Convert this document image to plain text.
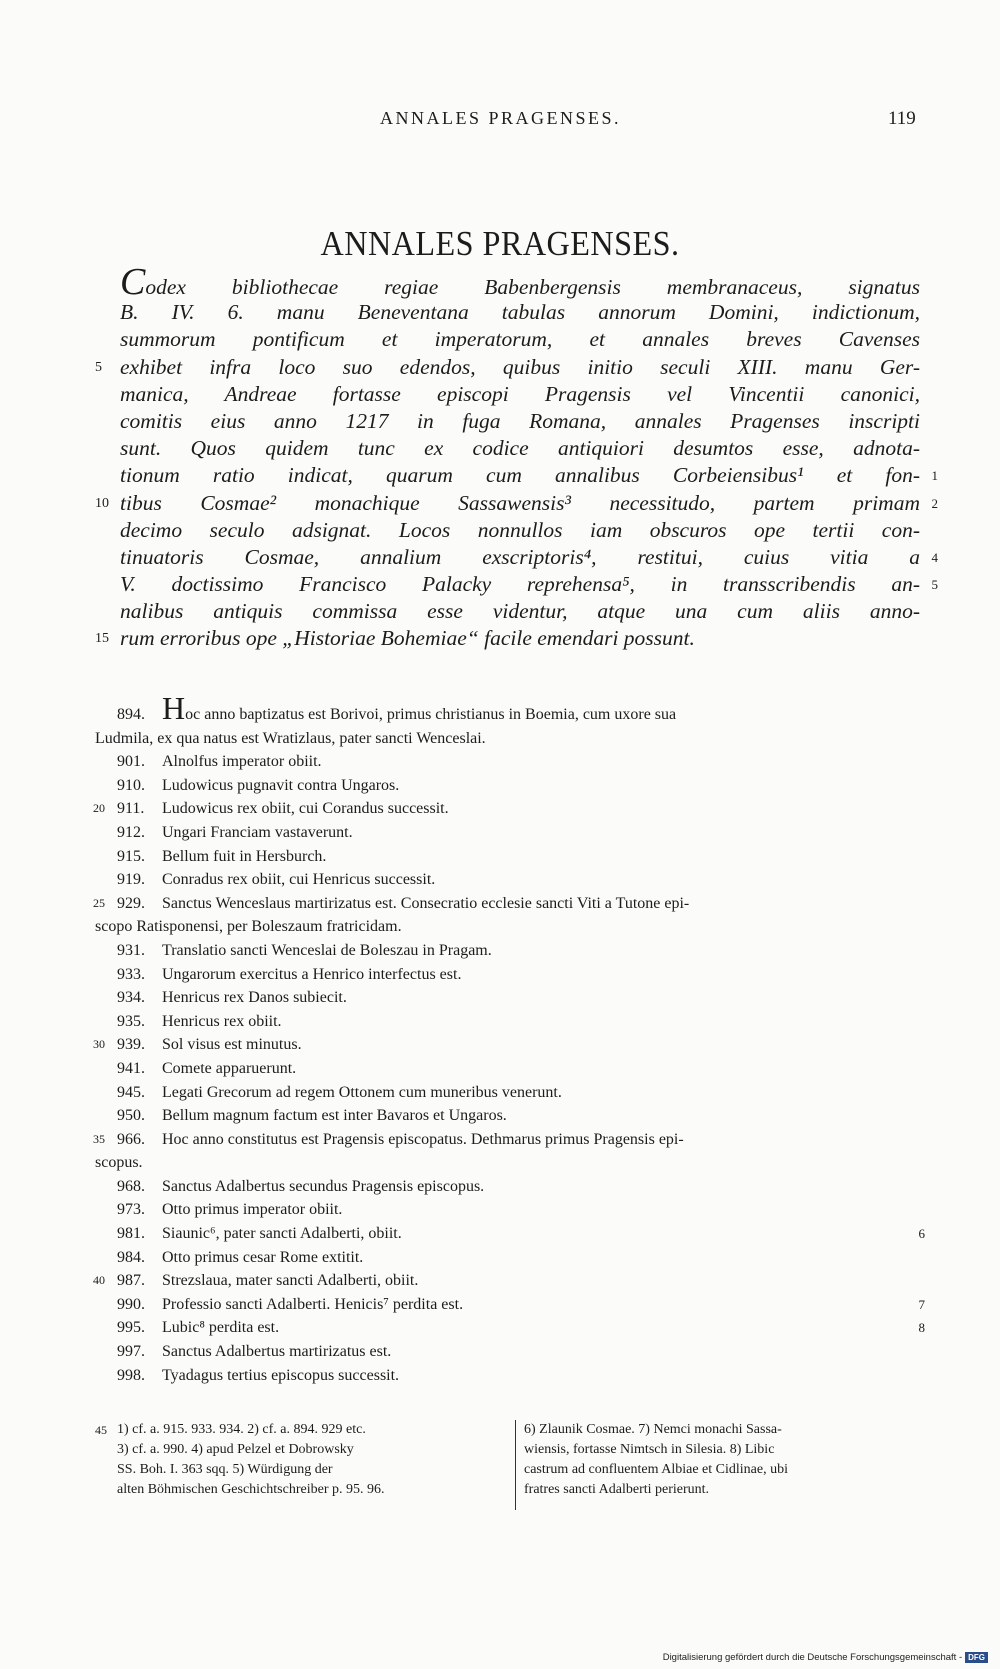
ANNALES PRAGENSES.	119
ANNALES PRAGENSES.
Codex bibliothecae regiae Babenbergensis membranaceus, signatus
B. IV. 6. manu Beneventana tabulas annorum Domini, indictionum,
summorum pontificum et imperatorum, et annales breves Cavenses
exhibet infra loco suo edendos, quibus initio seculi XIII. manu Ger-
5
manica, Andreae fortasse episcopi Pragensis vel Vincentii canonici,
comitis eius anno 1217 in fuga Romana, annales Pragenses inscripti
sunt. Quos quidem tunc ex codice antiquiori desumtos esse, adnota-
tionum ratio indicat, quarum cum annalibus Corbeiensibus¹ et fon- 1
tibus Cosmae² monachique Sassawensis³ necessitudo, partem primam
10	2
decimo seculo adsignat. Locos nonnullos iam obscuros ope tertii con-
tinuatoris Cosmae, annalium exscriptoris⁴, restitui, cuius vitia a 4
V. doctissimo Francisco Palacky reprehensa⁵, in transscribendis an- 5
nalibus antiquis commissa esse videntur, atque una cum aliis anno-
rum erroribus ope „Historiae Bohemiae“ facile emendari possunt.
15
894. Hoc anno baptizatus est Borivoi, primus christianus in Boemia, cum uxore sua
Ludmila, ex qua natus est Wratizlaus, pater sancti Wenceslai.
901. Alnolfus imperator obiit.
910. Ludowicus pugnavit contra Ungaros.
911. Ludowicus rex obiit, cui Corandus successit.
20
912. Ungari Franciam vastaverunt.
915. Bellum fuit in Hersburch.
919. Conradus rex obiit, cui Henricus successit.
929. Sanctus Wenceslaus martirizatus est. Consecratio ecclesie sancti Viti a Tutone epi-
25
scopo Ratisponensi, per Boleszaum fratricidam.
931. Translatio sancti Wenceslai de Boleszau in Pragam.
933. Ungarorum exercitus a Henrico interfectus est.
934. Henricus rex Danos subiecit.
935. Henricus rex obiit.
939. Sol visus est minutus.
30
941. Comete apparuerunt.
945. Legati Grecorum ad regem Ottonem cum muneribus venerunt.
950. Bellum magnum factum est inter Bavaros et Ungaros.
966. Hoc anno constitutus est Pragensis episcopatus. Dethmarus primus Pragensis epi-
35
scopus.
968. Sanctus Adalbertus secundus Pragensis episcopus.
973. Otto primus imperator obiit.
981. Siaunic⁶, pater sancti Adalberti, obiit.	6
984. Otto primus cesar Rome extitit.
987. Strezslaua, mater sancti Adalberti, obiit.
40
990. Professio sancti Adalberti. Henicis⁷ perdita est.	7
995. Lubic⁸ perdita est.	8
997. Sanctus Adalbertus martirizatus est.
998. Tyadagus tertius episcopus successit.
45 1) cf. a. 915. 933. 934. 2) cf. a. 894. 929 etc.
3) cf. a. 990. 4) apud Pelzel et Dobrowsky
SS. Boh. I. 363 sqq. 5) Würdigung der
alten Böhmischen Geschichtschreiber p. 95. 96.
6) Zlaunik Cosmae. 7) Nemci monachi Sassa-
wiensis, fortasse Nimtsch in Silesia. 8) Libic
castrum ad confluentem Albiae et Cidlinae, ubi
fratres sancti Adalberti perierunt.
Digitalisierung gefördert durch die Deutsche Forschungsgemeinschaft - DFG
